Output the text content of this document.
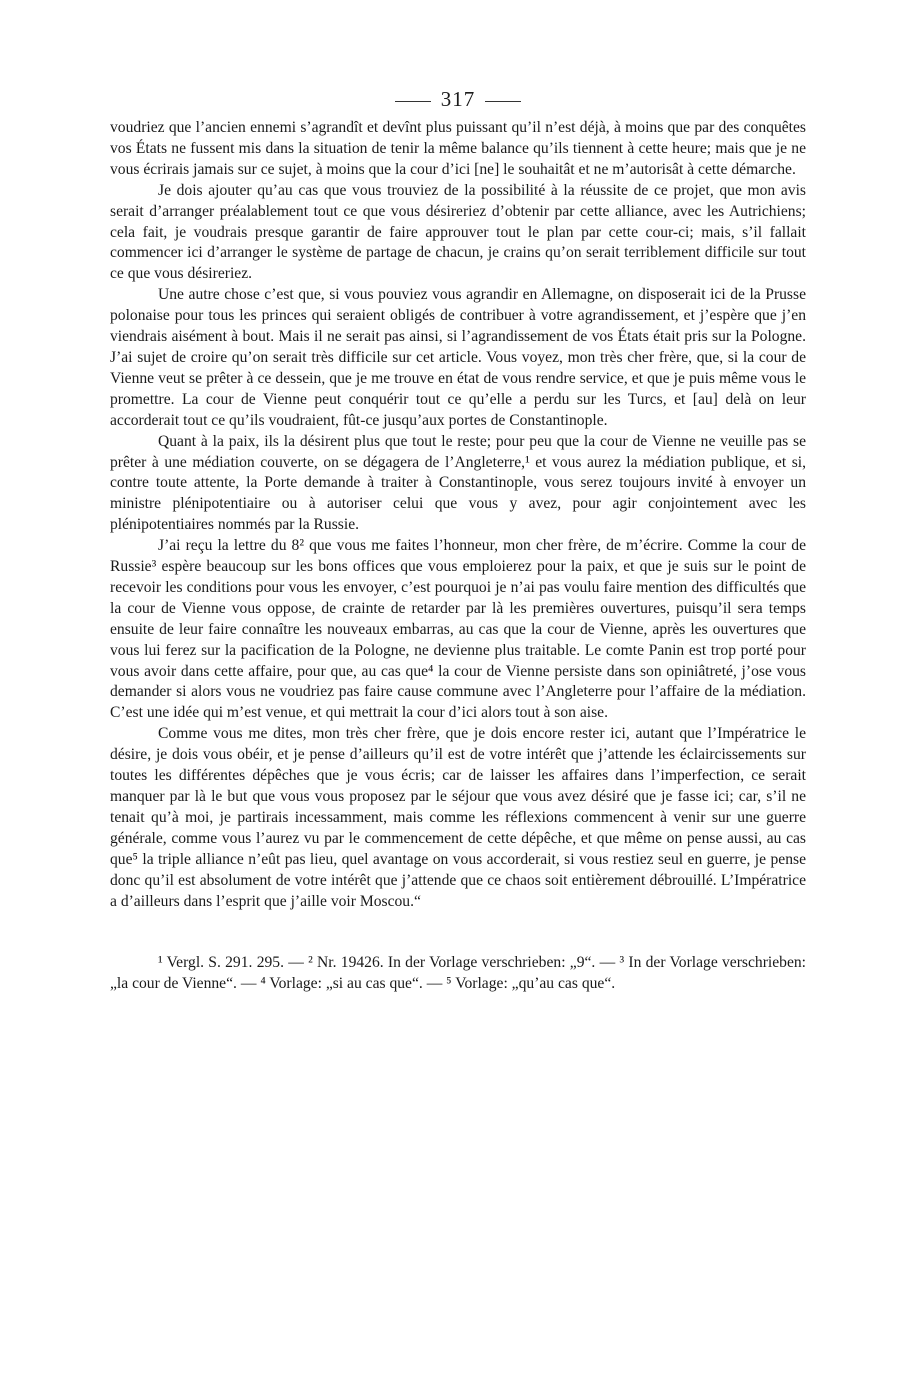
317

voudriez que l’ancien ennemi s’agrandît et devînt plus puissant qu’il n’est déjà, à moins que par des conquêtes vos États ne fussent mis dans la situation de tenir la même balance qu’ils tiennent à cette heure; mais que je ne vous écrirais jamais sur ce sujet, à moins que la cour d’ici [ne] le souhaitât et ne m’autorisât à cette démarche.

Je dois ajouter qu’au cas que vous trouviez de la possibilité à la réussite de ce projet, que mon avis serait d’arranger préalablement tout ce que vous désireriez d’obtenir par cette alliance, avec les Autrichiens; cela fait, je voudrais presque garantir de faire approuver tout le plan par cette cour-ci; mais, s’il fallait commencer ici d’arranger le système de partage de chacun, je crains qu’on serait terriblement difficile sur tout ce que vous désireriez.

Une autre chose c’est que, si vous pouviez vous agrandir en Allemagne, on disposerait ici de la Prusse polonaise pour tous les princes qui seraient obligés de contribuer à votre agrandissement, et j’espère que j’en viendrais aisément à bout. Mais il ne serait pas ainsi, si l’agrandissement de vos États était pris sur la Pologne. J’ai sujet de croire qu’on serait très difficile sur cet article. Vous voyez, mon très cher frère, que, si la cour de Vienne veut se prêter à ce dessein, que je me trouve en état de vous rendre service, et que je puis même vous le promettre. La cour de Vienne peut conquérir tout ce qu’elle a perdu sur les Turcs, et [au] delà on leur accorderait tout ce qu’ils voudraient, fût-ce jusqu’aux portes de Constantinople.

Quant à la paix, ils la désirent plus que tout le reste; pour peu que la cour de Vienne ne veuille pas se prêter à une médiation couverte, on se dégagera de l’Angleterre,¹ et vous aurez la médiation publique, et si, contre toute attente, la Porte demande à traiter à Constantinople, vous serez toujours invité à envoyer un ministre plénipotentiaire ou à autoriser celui que vous y avez, pour agir conjointement avec les plénipotentiaires nommés par la Russie.

J’ai reçu la lettre du 8² que vous me faites l’honneur, mon cher frère, de m’écrire. Comme la cour de Russie³ espère beaucoup sur les bons offices que vous emploierez pour la paix, et que je suis sur le point de recevoir les conditions pour vous les envoyer, c’est pourquoi je n’ai pas voulu faire mention des difficultés que la cour de Vienne vous oppose, de crainte de retarder par là les premières ouvertures, puisqu’il sera temps ensuite de leur faire connaître les nouveaux embarras, au cas que la cour de Vienne, après les ouvertures que vous lui ferez sur la pacification de la Pologne, ne devienne plus traitable. Le comte Panin est trop porté pour vous avoir dans cette affaire, pour que, au cas que⁴ la cour de Vienne persiste dans son opiniâtreté, j’ose vous demander si alors vous ne voudriez pas faire cause commune avec l’Angleterre pour l’affaire de la médiation. C’est une idée qui m’est venue, et qui mettrait la cour d’ici alors tout à son aise.

Comme vous me dites, mon très cher frère, que je dois encore rester ici, autant que l’Impératrice le désire, je dois vous obéir, et je pense d’ailleurs qu’il est de votre intérêt que j’attende les éclaircissements sur toutes les différentes dépêches que je vous écris; car de laisser les affaires dans l’imperfection, ce serait manquer par là le but que vous vous proposez par le séjour que vous avez désiré que je fasse ici; car, s’il ne tenait qu’à moi, je partirais incessamment, mais comme les réflexions commencent à venir sur une guerre générale, comme vous l’aurez vu par le commencement de cette dépêche, et que même on pense aussi, au cas que⁵ la triple alliance n’eût pas lieu, quel avantage on vous accorderait, si vous restiez seul en guerre, je pense donc qu’il est absolument de votre intérêt que j’attende que ce chaos soit entièrement débrouillé. L’Impératrice a d’ailleurs dans l’esprit que j’aille voir Moscou.“

¹ Vergl. S. 291. 295. — ² Nr. 19426. In der Vorlage verschrieben: „9“. — ³ In der Vorlage verschrieben: „la cour de Vienne“. — ⁴ Vorlage: „si au cas que“. — ⁵ Vorlage: „qu’au cas que“.
